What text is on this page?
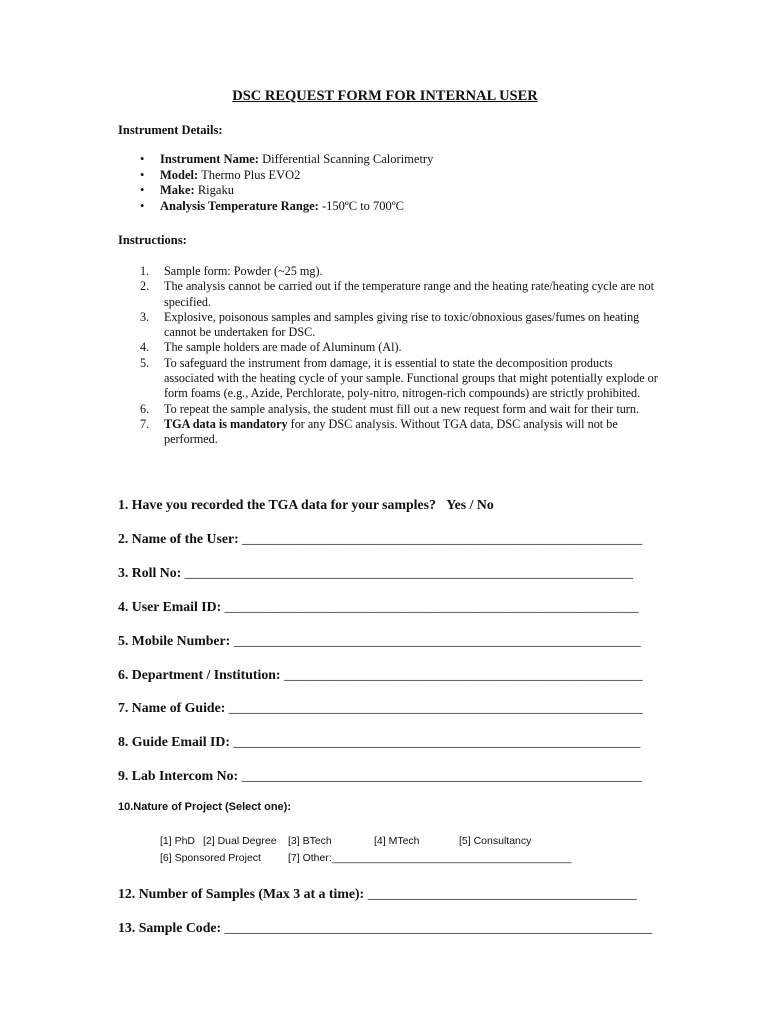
DSC REQUEST FORM FOR INTERNAL USER
Instrument Details:
• Instrument Name: Differential Scanning Calorimetry
• Model: Thermo Plus EVO2
• Make: Rigaku
• Analysis Temperature Range: -150ºC to 700ºC
Instructions:
1. Sample form: Powder (~25 mg).
2. The analysis cannot be carried out if the temperature range and the heating rate/heating cycle are not specified.
3. Explosive, poisonous samples and samples giving rise to toxic/obnoxious gases/fumes on heating cannot be undertaken for DSC.
4. The sample holders are made of Aluminum (Al).
5. To safeguard the instrument from damage, it is essential to state the decomposition products associated with the heating cycle of your sample. Functional groups that might potentially explode or form foams (e.g., Azide, Perchlorate, poly-nitro, nitrogen-rich compounds) are strictly prohibited.
6. To repeat the sample analysis, the student must fill out a new request form and wait for their turn.
7. TGA data is mandatory for any DSC analysis. Without TGA data, DSC analysis will not be performed.
1. Have you recorded the TGA data for your samples? Yes / No
2. Name of the User: __________________________________________________________
3. Roll No: _________________________________________________________________
4. User Email ID: ____________________________________________________________
5. Mobile Number: ___________________________________________________________
6. Department / Institution: ____________________________________________________
7. Name of Guide: ____________________________________________________________
8. Guide Email ID: ___________________________________________________________
9. Lab Intercom No: __________________________________________________________
10.Nature of Project (Select one):
[1] PhD [2] Dual Degree [3] BTech	[4] MTech	[5] Consultancy
[6] Sponsored Project	[7] Other:_________________________________________
12. Number of Samples (Max 3 at a time): _______________________________________
13. Sample Code: ______________________________________________________________
